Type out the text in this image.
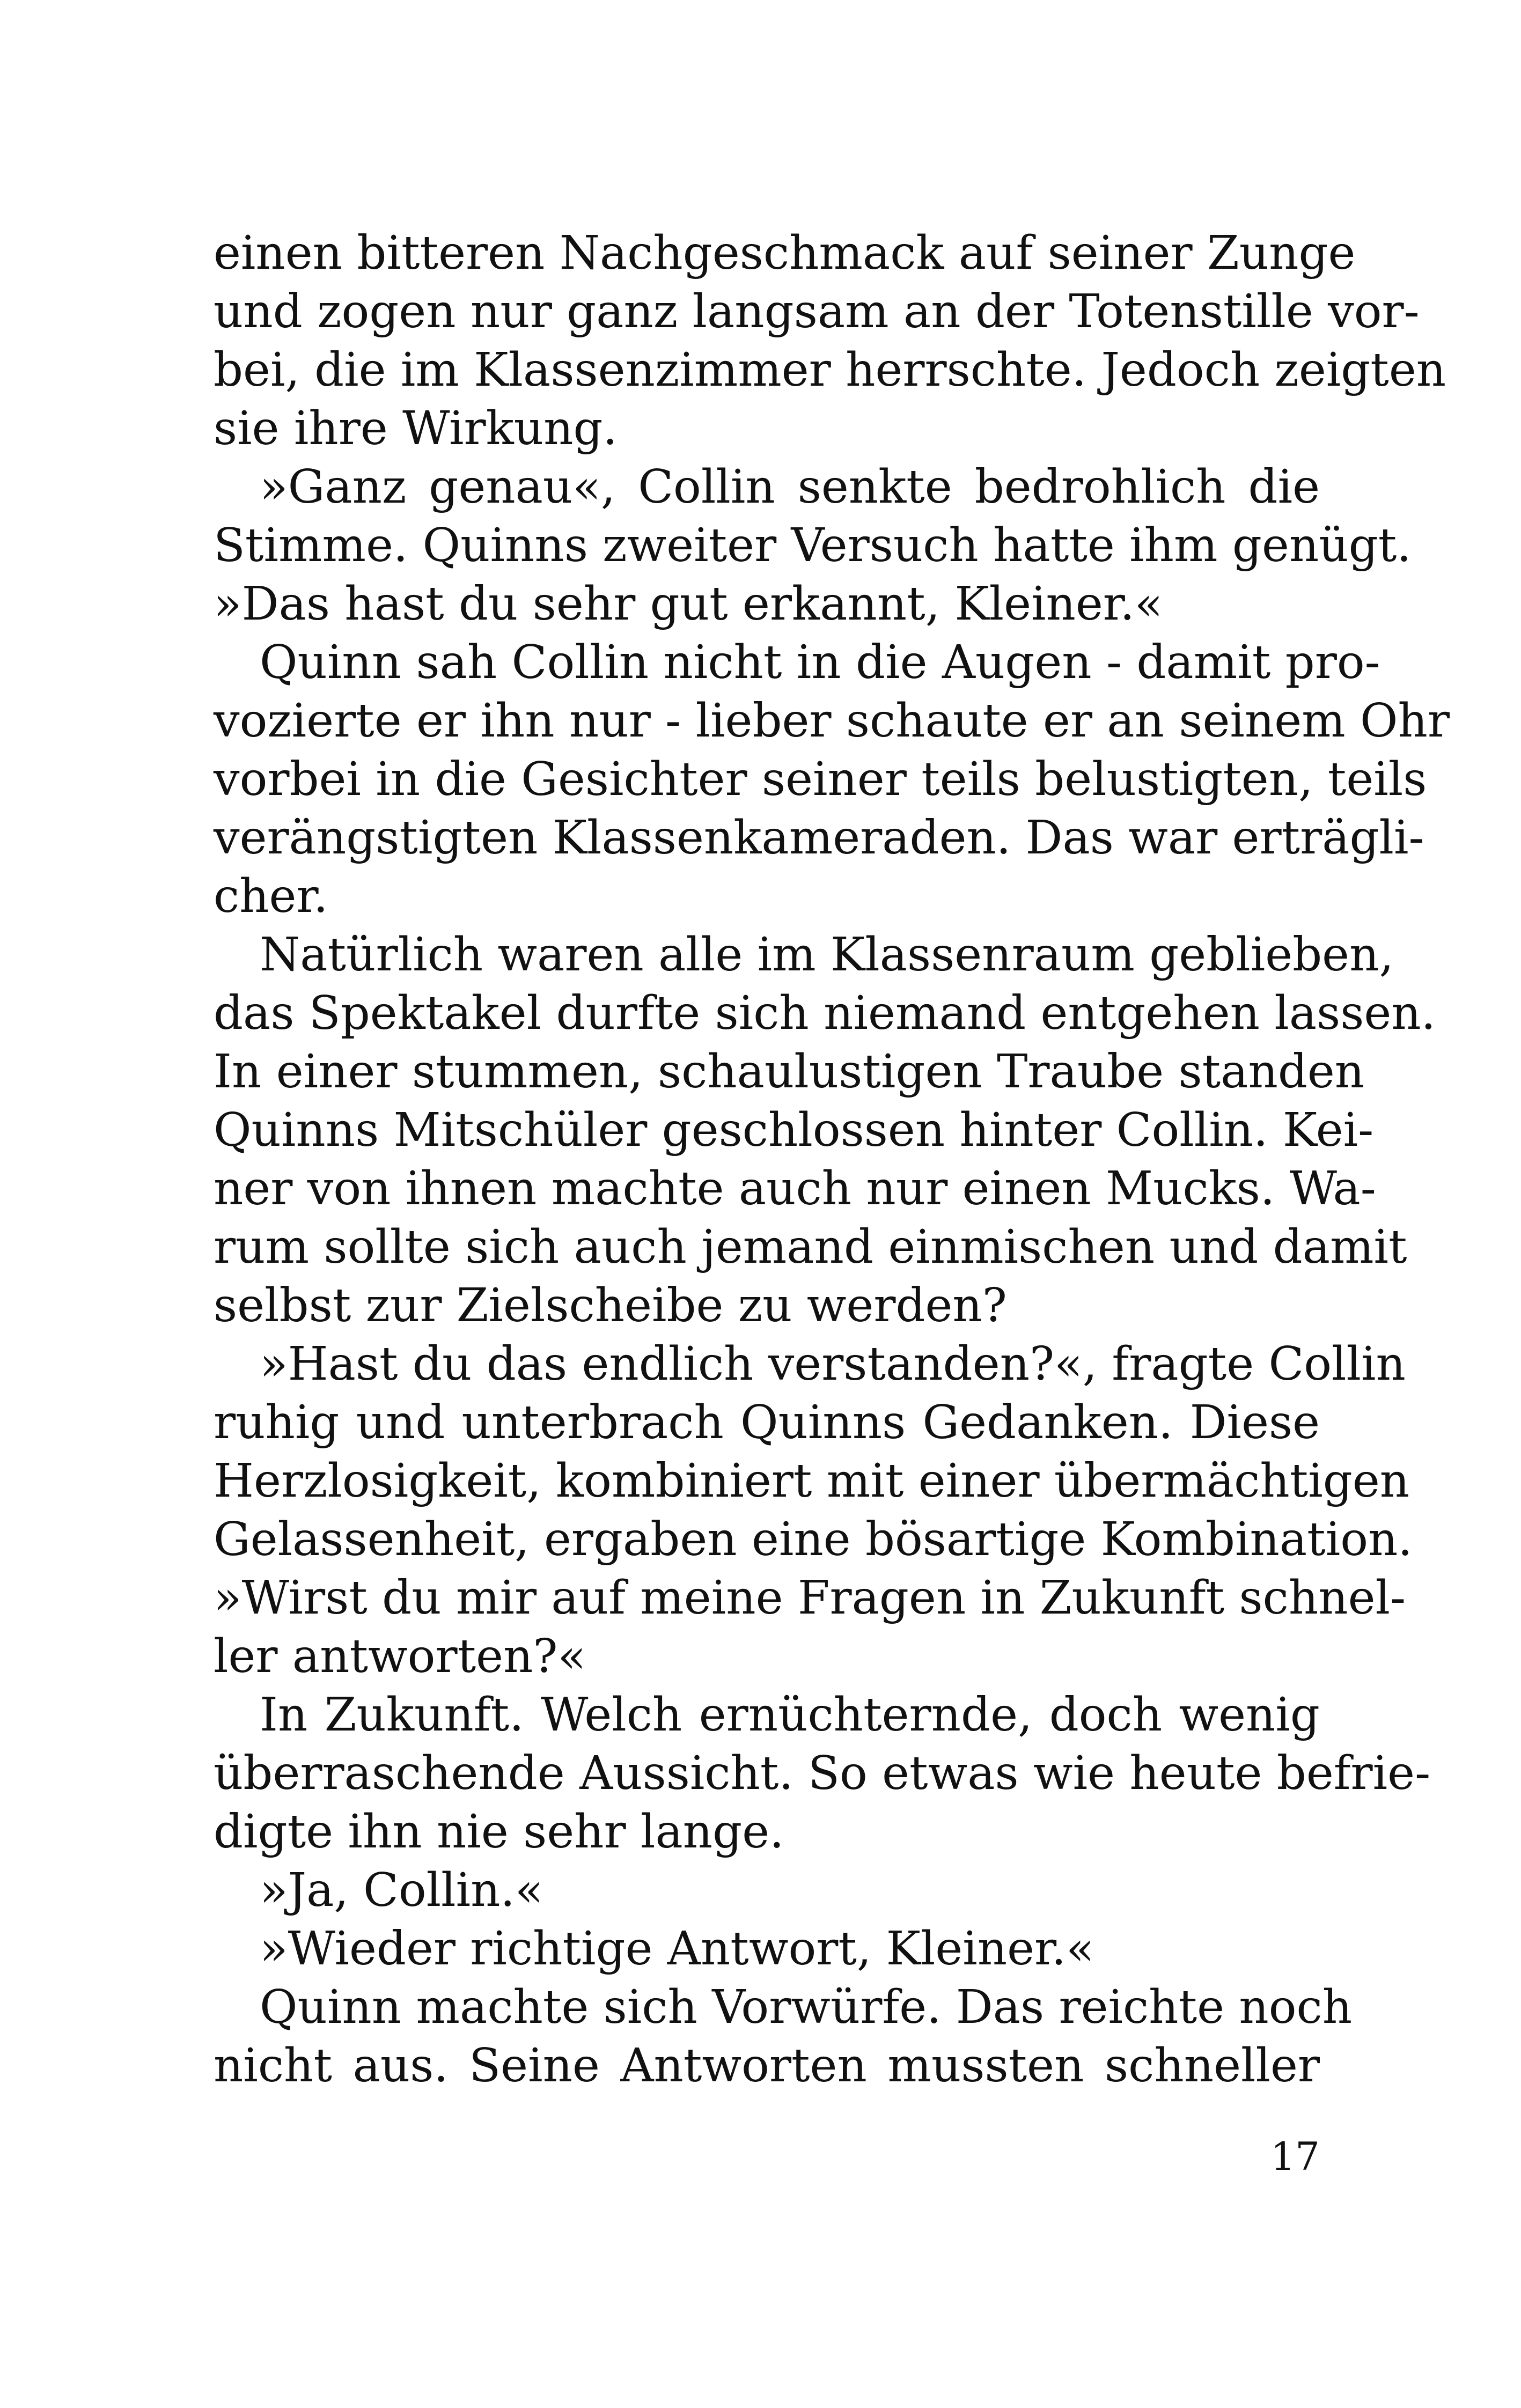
einen bitteren Nachgeschmack auf seiner Zunge
und zogen nur ganz langsam an der Totenstille vor-
bei, die im Klassenzimmer herrschte. Jedoch zeigten
sie ihre Wirkung.
»Ganz genau«, Collin senkte bedrohlich die
Stimme. Quinns zweiter Versuch hatte ihm genügt.
»Das hast du sehr gut erkannt, Kleiner.«
Quinn sah Collin nicht in die Augen - damit pro-
vozierte er ihn nur - lieber schaute er an seinem Ohr
vorbei in die Gesichter seiner teils belustigten, teils
verängstigten Klassenkameraden. Das war erträgli-
cher.
Natürlich waren alle im Klassenraum geblieben,
das Spektakel durfte sich niemand entgehen lassen.
In einer stummen, schaulustigen Traube standen
Quinns Mitschüler geschlossen hinter Collin. Kei-
ner von ihnen machte auch nur einen Mucks. Wa-
rum sollte sich auch jemand einmischen und damit
selbst zur Zielscheibe zu werden?
»Hast du das endlich verstanden?«, fragte Collin
ruhig und unterbrach Quinns Gedanken. Diese
Herzlosigkeit, kombiniert mit einer übermächtigen
Gelassenheit, ergaben eine bösartige Kombination.
»Wirst du mir auf meine Fragen in Zukunft schnel-
ler antworten?«
In Zukunft. Welch ernüchternde, doch wenig
überraschende Aussicht. So etwas wie heute befrie-
digte ihn nie sehr lange.
»Ja, Collin.«
»Wieder richtige Antwort, Kleiner.«
Quinn machte sich Vorwürfe. Das reichte noch
nicht aus. Seine Antworten mussten schneller
17
